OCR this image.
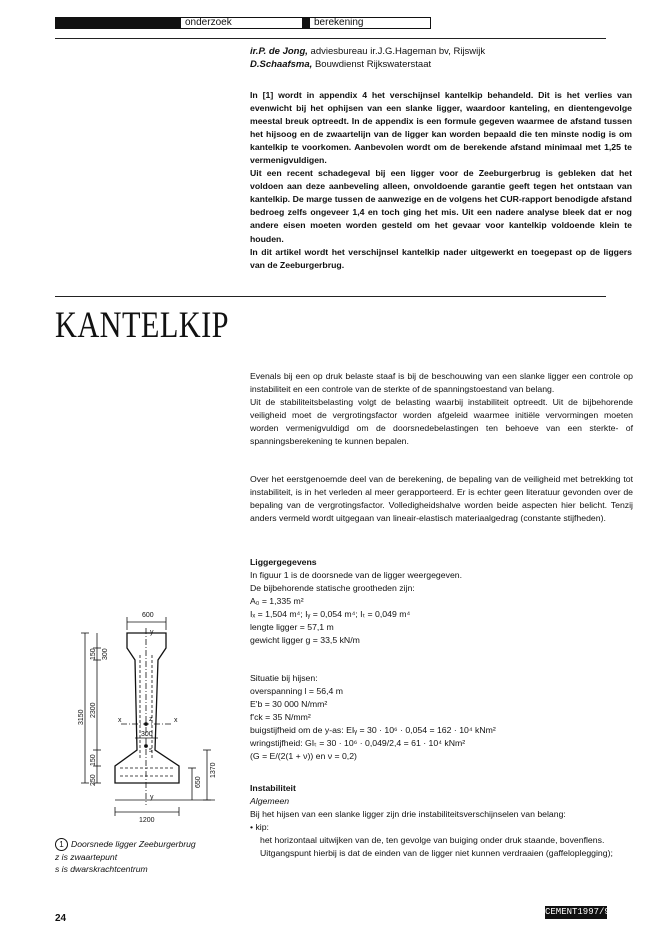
onderzoek	berekening
ir.P. de Jong, adviesbureau ir.J.G.Hageman bv, Rijswijk
D.Schaafsma, Bouwdienst Rijkswaterstaat

In [1] wordt in appendix 4 het verschijnsel kantelkip behandeld. Dit is het verlies van evenwicht bij het ophijsen van een slanke ligger, waardoor kanteling, en dientengevolge meestal breuk optreedt. In de appendix is een formule gegeven waarmee de afstand tussen het hijsoog en de zwaartelijn van de ligger kan worden bepaald die ten minste nodig is om kantelkip te voorkomen. Aanbevolen wordt om de berekende afstand minimaal met 1,25 te vermenigvuldigen.

Uit een recent schadegeval bij een ligger voor de Zeeburgerbrug is gebleken dat het voldoen aan deze aanbeveling alleen, onvoldoende garantie geeft tegen het ontstaan van kantelkip. De marge tussen de aanwezige en de volgens het CUR-rapport benodigde afstand bedroeg zelfs ongeveer 1,4 en toch ging het mis. Uit een nadere analyse bleek dat er nog andere eisen moeten worden gesteld om het gevaar voor kantelkip voldoende klein te houden.

In dit artikel wordt het verschijnsel kantelkip nader uitgewerkt en toegepast op de liggers van de Zeeburgerbrug.

KANTELKIP

Evenals bij een op druk belaste staaf is bij de beschouwing van een slanke ligger een controle op instabiliteit en een controle van de sterkte of de spanningstoestand van belang.

Uit de stabiliteitsbelasting volgt de belasting waarbij instabiliteit optreedt. Uit de bijbehorende veiligheid moet de vergrotingsfactor worden afgeleid waarmee initiële vervormingen moeten worden vermenigvuldigd om de doorsnedebelastingen ten behoeve van een sterkte- of spanningsberekening te kunnen bepalen.

Over het eerstgenoemde deel van de berekening, de bepaling van de veiligheid met betrekking tot instabiliteit, is in het verleden al meer gerapporteerd. Er is echter geen literatuur gevonden over de bepaling van de vergrotingsfactor. Volledigheidshalve worden beide aspecten hier belicht. Tenzij anders vermeld wordt uitgegaan van lineair-elastisch materiaalgedrag (constante stijfheden).

Liggergegevens
In figuur 1 is de doorsnede van de ligger weergegeven.
De bijbehorende statische grootheden zijn:
A₀ = 1,335 m²
Iₓ = 1,504 m⁴; Iᵧ = 0,054 m⁴; Iₜ = 0,049 m⁴
lengte ligger = 57,1 m
gewicht ligger g = 33,5 kN/m
Situatie bij hijsen:
overspanning l = 56,4 m
E'b = 30 000 N/mm²
f'ck = 35 N/mm²
buigstijfheid om de y-as: EIᵧ = 30 · 10⁶ · 0,054 = 162 · 10⁴ kNm²
wringstijfheid: GIₜ = 30 · 10⁶ · 0,049/2,4 = 61 · 10⁴ kNm²
(G = E/(2(1 + ν)) en ν = 0,2)
Instabiliteit
Algemeen
Bij het hijsen van een slanke ligger zijn drie instabiliteitsverschijnselen van belang:
• kip:
het horizontaal uitwijken van de, ten gevolge van buiging onder druk staande, bovenflens.
Uitgangspunt hierbij is dat de einden van de ligger niet kunnen verdraaien (gaffeloplegging);
600
y
y
x	x
z
s
300
3150
150 300
2300
150
250
1370
650
1200
1 Doorsnede ligger Zeeburgerbrug
z is zwaartepunt
s is dwarskrachtcentrum
24
CEMENT1997/9
